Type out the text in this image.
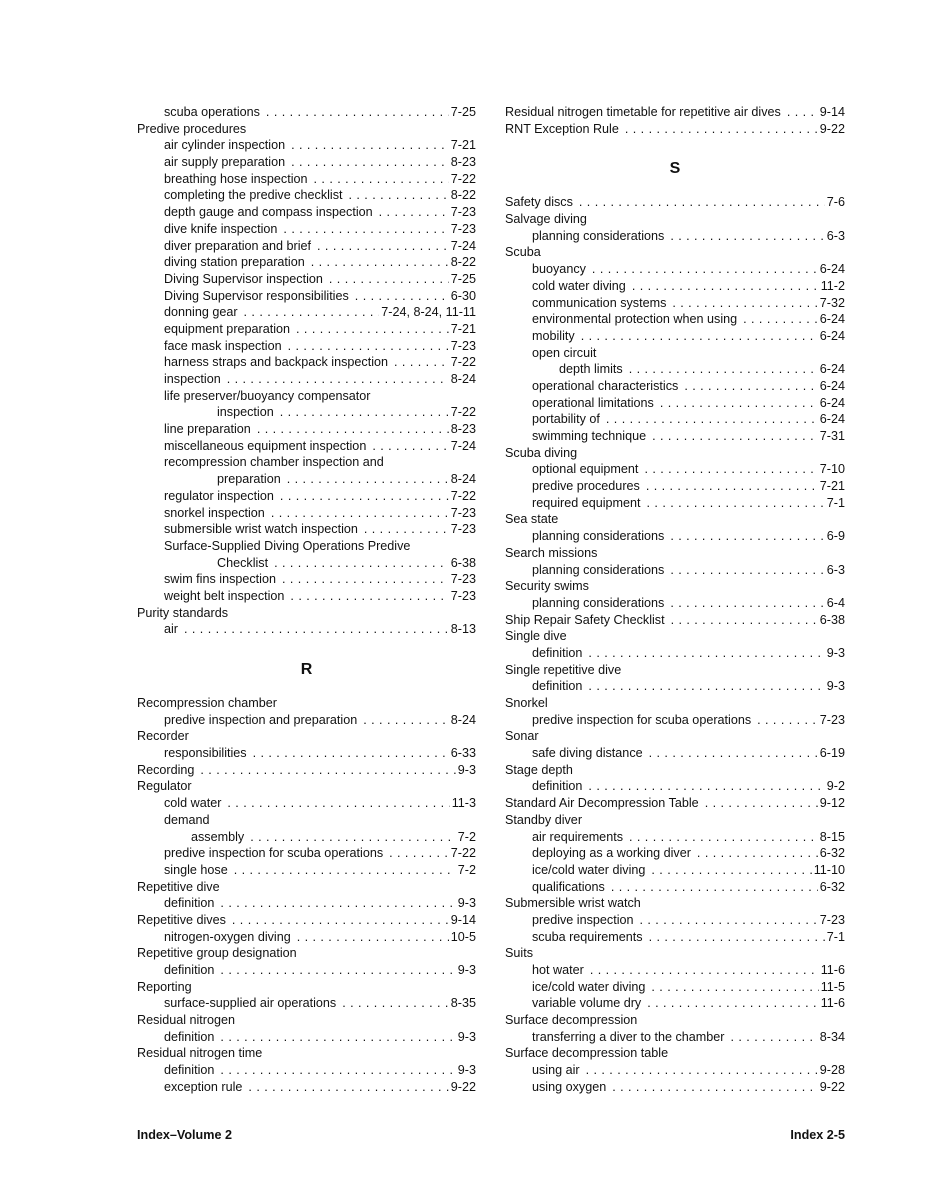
scuba operations . . .	7-25
Predive procedures
air cylinder inspection . . .	7-21
air supply preparation . . .	8-23
breathing hose inspection . . .	7-22
completing the predive checklist . . .	8-22
depth gauge and compass inspection . . .	7-23
dive knife inspection . . .	7-23
diver preparation and brief . . .	7-24
diving station preparation . . .	8-22
Diving Supervisor inspection . . .	7-25
Diving Supervisor responsibilities . . .	6-30
donning gear . . .	7-24, 8-24, 11-11
equipment preparation . . .	7-21
face mask inspection . . .	7-23
harness straps and backpack inspection . . .	7-22
inspection . . .	8-24
life preserver/buoyancy compensator
inspection . . .	7-22
line preparation . . .	8-23
miscellaneous equipment inspection . . .	7-24
recompression chamber inspection and
preparation . . .	8-24
regulator inspection . . .	7-22
snorkel inspection . . .	7-23
submersible wrist watch inspection . . .	7-23
Surface-Supplied Diving Operations Predive
Checklist . . .	6-38
swim fins inspection . . .	7-23
weight belt inspection . . .	7-23
Purity standards
air . . .	8-13
R
Recompression chamber
predive inspection and preparation . . .	8-24
Recorder
responsibilities . . .	6-33
Recording . . .	9-3
Regulator
cold water . . .	11-3
demand
assembly . . .	7-2
predive inspection for scuba operations . . .	7-22
single hose . . .	7-2
Repetitive dive
definition . . .	9-3
Repetitive dives . . .	9-14
nitrogen-oxygen diving . . .	10-5
Repetitive group designation
definition . . .	9-3
Reporting
surface-supplied air operations . . .	8-35
Residual nitrogen
definition . . .	9-3
Residual nitrogen time
definition . . .	9-3
exception rule . . .	9-22
Residual nitrogen timetable for repetitive air dives . . .	9-14
RNT Exception Rule . . .	9-22
S
Safety discs . . .	7-6
Salvage diving
planning considerations . . .	6-3
Scuba
buoyancy . . .	6-24
cold water diving . . .	11-2
communication systems . . .	7-32
environmental protection when using . . .	6-24
mobility . . .	6-24
open circuit
depth limits . . .	6-24
operational characteristics . . .	6-24
operational limitations . . .	6-24
portability of . . .	6-24
swimming technique . . .	7-31
Scuba diving
optional equipment . . .	7-10
predive procedures . . .	7-21
required equipment . . .	7-1
Sea state
planning considerations . . .	6-9
Search missions
planning considerations . . .	6-3
Security swims
planning considerations . . .	6-4
Ship Repair Safety Checklist . . .	6-38
Single dive
definition . . .	9-3
Single repetitive dive
definition . . .	9-3
Snorkel
predive inspection for scuba operations . . .	7-23
Sonar
safe diving distance . . .	6-19
Stage depth
definition . . .	9-2
Standard Air Decompression Table . . .	9-12
Standby diver
air requirements . . .	8-15
deploying as a working diver . . .	6-32
ice/cold water diving . . .	11-10
qualifications . . .	6-32
Submersible wrist watch
predive inspection . . .	7-23
scuba requirements . . .	7-1
Suits
hot water . . .	11-6
ice/cold water diving . . .	11-5
variable volume dry . . .	11-6
Surface decompression
transferring a diver to the chamber . . .	8-34
Surface decompression table
using air . . .	9-28
using oxygen . . .	9-22
Index–Volume 2	Index 2-5
